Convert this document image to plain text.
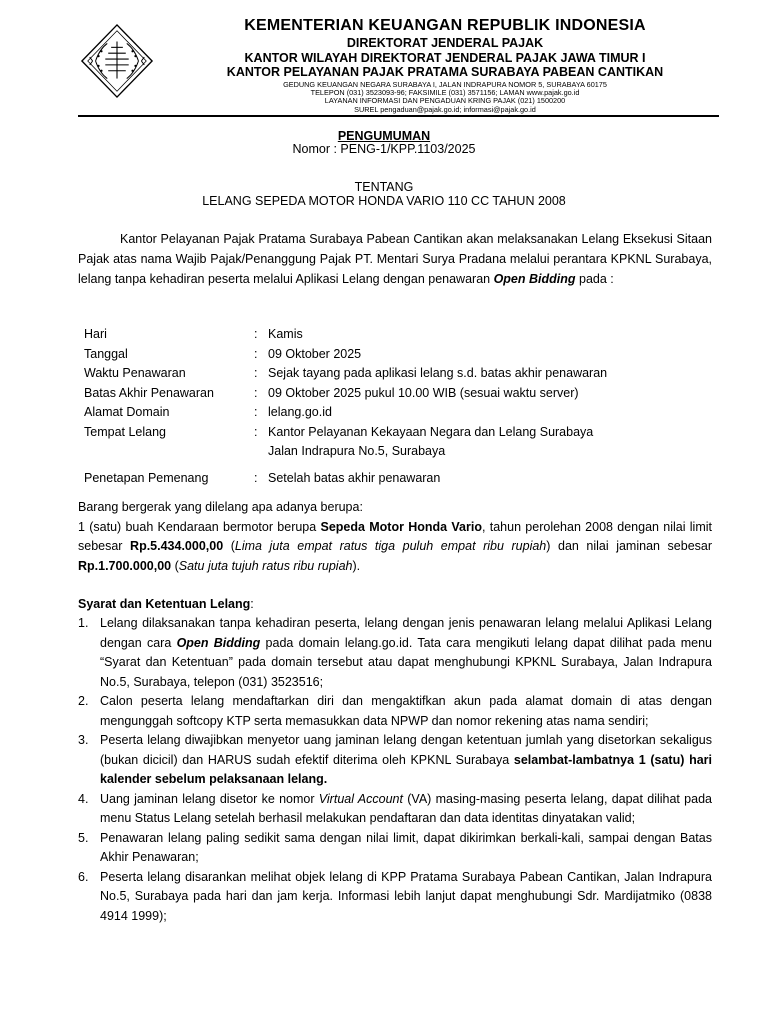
KEMENTERIAN KEUANGAN REPUBLIK INDONESIA
DIREKTORAT JENDERAL PAJAK
KANTOR WILAYAH DIREKTORAT JENDERAL PAJAK JAWA TIMUR I
KANTOR PELAYANAN PAJAK PRATAMA SURABAYA PABEAN CANTIKAN
GEDUNG KEUANGAN NEGARA SURABAYA I, JALAN INDRAPURA NOMOR 5, SURABAYA 60175
TELEPON (031) 3523093-96; FAKSIMILE (031) 3571156; LAMAN www.pajak.go.id
LAYANAN INFORMASI DAN PENGADUAN KRING PAJAK (021) 1500200
SUREL pengaduan@pajak.go.id; informasi@pajak.go.id
PENGUMUMAN
Nomor : PENG-1/KPP.1103/2025
TENTANG
LELANG SEPEDA MOTOR HONDA VARIO 110 CC TAHUN 2008
Kantor Pelayanan Pajak Pratama Surabaya Pabean Cantikan akan melaksanakan Lelang Eksekusi Sitaan Pajak atas nama Wajib Pajak/Penanggung Pajak PT. Mentari Surya Pradana melalui perantara KPKNL Surabaya, lelang tanpa kehadiran peserta melalui Aplikasi Lelang dengan penawaran Open Bidding pada :
Hari	: Kamis
Tanggal	: 09 Oktober 2025
Waktu Penawaran	: Sejak tayang pada aplikasi lelang s.d. batas akhir penawaran
Batas Akhir Penawaran	: 09 Oktober 2025 pukul 10.00 WIB (sesuai waktu server)
Alamat Domain	: lelang.go.id
Tempat Lelang	: Kantor Pelayanan Kekayaan Negara dan Lelang Surabaya
Jalan Indrapura No.5, Surabaya
Penetapan Pemenang	: Setelah batas akhir penawaran
Barang bergerak yang dilelang apa adanya berupa:
1 (satu) buah Kendaraan bermotor berupa Sepeda Motor Honda Vario, tahun perolehan 2008 dengan nilai limit sebesar Rp.5.434.000,00 (Lima juta empat ratus tiga puluh empat ribu rupiah) dan nilai jaminan sebesar Rp.1.700.000,00 (Satu juta tujuh ratus ribu rupiah).
Syarat dan Ketentuan Lelang:
1. Lelang dilaksanakan tanpa kehadiran peserta, lelang dengan jenis penawaran lelang melalui Aplikasi Lelang dengan cara Open Bidding pada domain lelang.go.id. Tata cara mengikuti lelang dapat dilihat pada menu “Syarat dan Ketentuan” pada domain tersebut atau dapat menghubungi KPKNL Surabaya, Jalan Indrapura No.5, Surabaya, telepon (031) 3523516;
2. Calon peserta lelang mendaftarkan diri dan mengaktifkan akun pada alamat domain di atas dengan mengunggah softcopy KTP serta memasukkan data NPWP dan nomor rekening atas nama sendiri;
3. Peserta lelang diwajibkan menyetor uang jaminan lelang dengan ketentuan jumlah yang disetorkan sekaligus (bukan dicicil) dan HARUS sudah efektif diterima oleh KPKNL Surabaya selambat-lambatnya 1 (satu) hari kalender sebelum pelaksanaan lelang.
4. Uang jaminan lelang disetor ke nomor Virtual Account (VA) masing-masing peserta lelang, dapat dilihat pada menu Status Lelang setelah berhasil melakukan pendaftaran dan data identitas dinyatakan valid;
5. Penawaran lelang paling sedikit sama dengan nilai limit, dapat dikirimkan berkali-kali, sampai dengan Batas Akhir Penawaran;
6. Peserta lelang disarankan melihat objek lelang di KPP Pratama Surabaya Pabean Cantikan, Jalan Indrapura No.5, Surabaya pada hari dan jam kerja. Informasi lebih lanjut dapat menghubungi Sdr. Mardijatmiko (0838 4914 1999);
